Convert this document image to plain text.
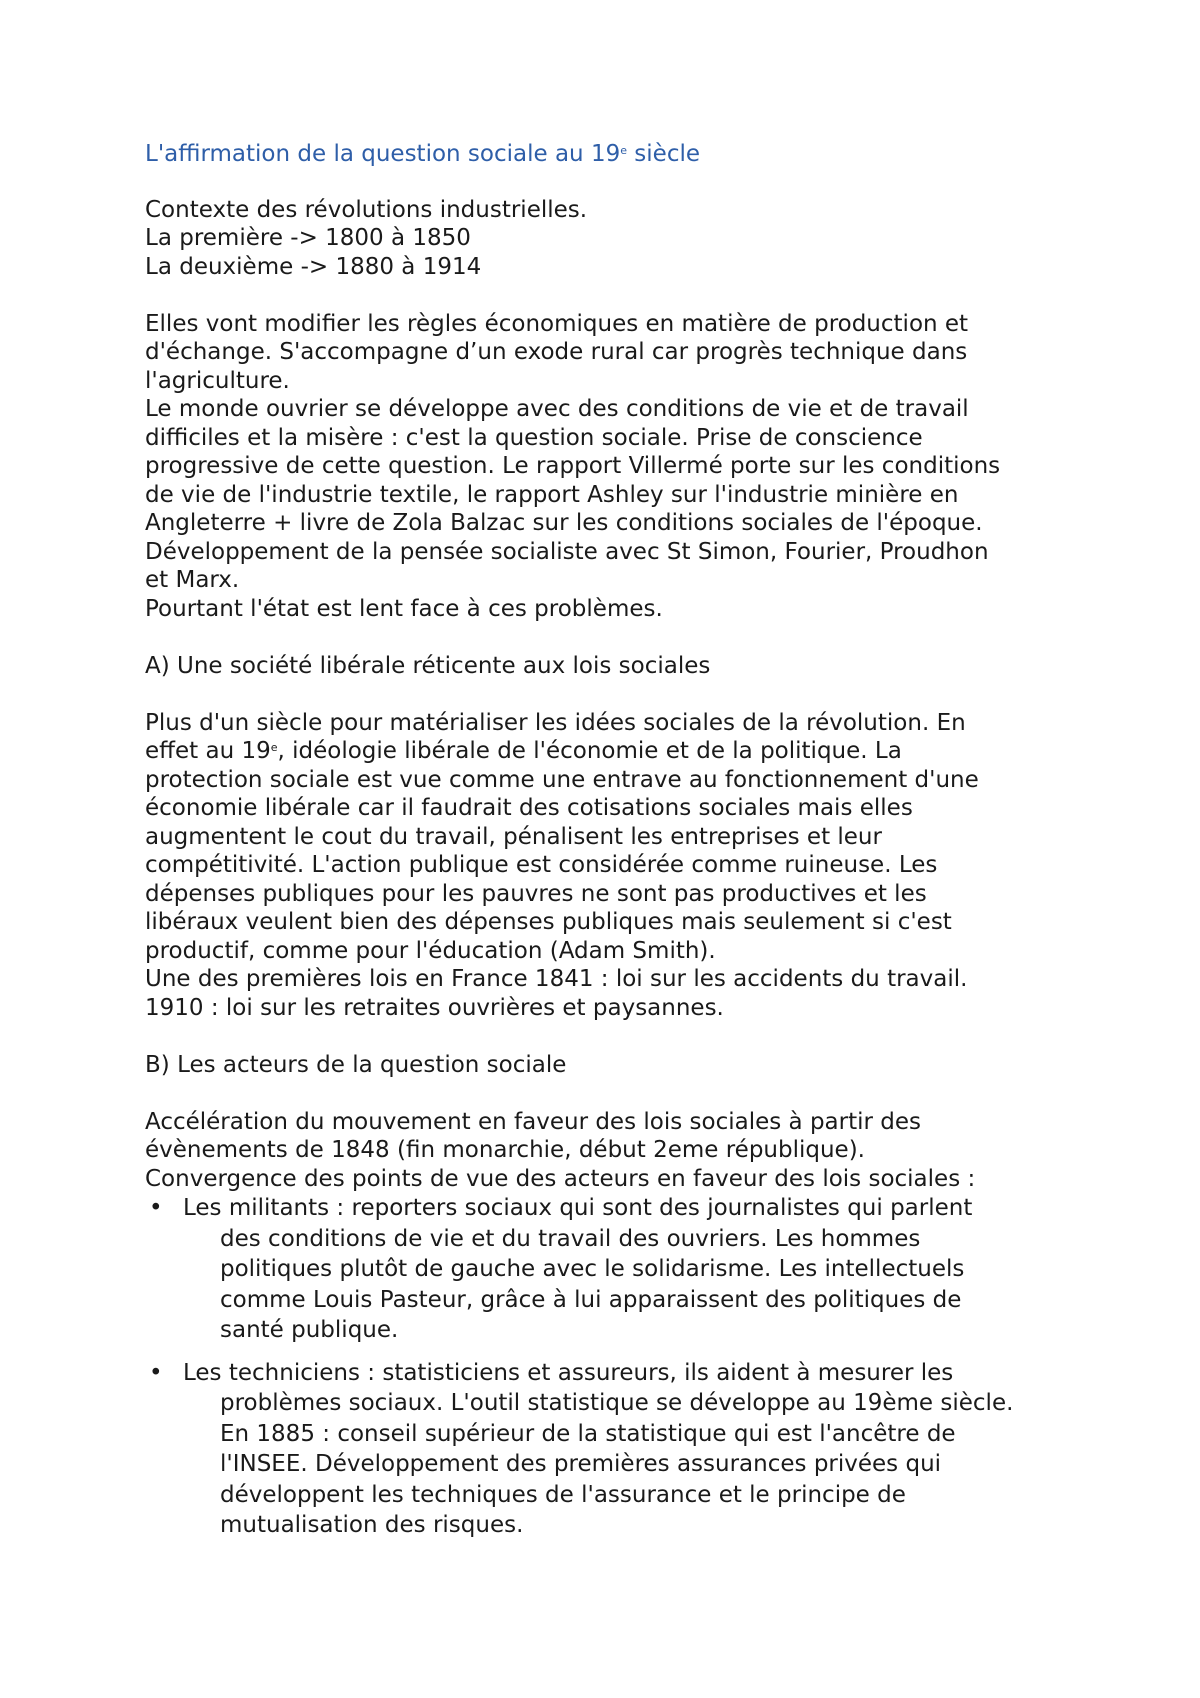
L'affirmation de la question sociale au 19e siècle

Contexte des révolutions industrielles.
La première -> 1800 à 1850
La deuxième -> 1880 à 1914

Elles vont modifier les règles économiques en matière de production et
d'échange. S'accompagne d’un exode rural car progrès technique dans
l'agriculture.
Le monde ouvrier se développe avec des conditions de vie et de travail
difficiles et la misère : c'est la question sociale. Prise de conscience
progressive de cette question. Le rapport Villermé porte sur les conditions
de vie de l'industrie textile, le rapport Ashley sur l'industrie minière en
Angleterre + livre de Zola Balzac sur les conditions sociales de l'époque.
Développement de la pensée socialiste avec St Simon, Fourier, Proudhon
et Marx.
Pourtant l'état est lent face à ces problèmes.

A) Une société libérale réticente aux lois sociales

Plus d'un siècle pour matérialiser les idées sociales de la révolution. En
effet au 19e, idéologie libérale de l'économie et de la politique. La
protection sociale est vue comme une entrave au fonctionnement d'une
économie libérale car il faudrait des cotisations sociales mais elles
augmentent le cout du travail, pénalisent les entreprises et leur
compétitivité. L'action publique est considérée comme ruineuse. Les
dépenses publiques pour les pauvres ne sont pas productives et les
libéraux veulent bien des dépenses publiques mais seulement si c'est
productif, comme pour l'éducation (Adam Smith).
Une des premières lois en France 1841 : loi sur les accidents du travail.
1910 : loi sur les retraites ouvrières et paysannes.

B) Les acteurs de la question sociale

Accélération du mouvement en faveur des lois sociales à partir des
évènements de 1848 (fin monarchie, début 2eme république).
Convergence des points de vue des acteurs en faveur des lois sociales :

• Les militants : reporters sociaux qui sont des journalistes qui parlent
des conditions de vie et du travail des ouvriers. Les hommes
politiques plutôt de gauche avec le solidarisme. Les intellectuels
comme Louis Pasteur, grâce à lui apparaissent des politiques de
santé publique.
• Les techniciens : statisticiens et assureurs, ils aident à mesurer les
problèmes sociaux. L'outil statistique se développe au 19ème siècle.
En 1885 : conseil supérieur de la statistique qui est l'ancêtre de
l'INSEE. Développement des premières assurances privées qui
développent les techniques de l'assurance et le principe de
mutualisation des risques.
